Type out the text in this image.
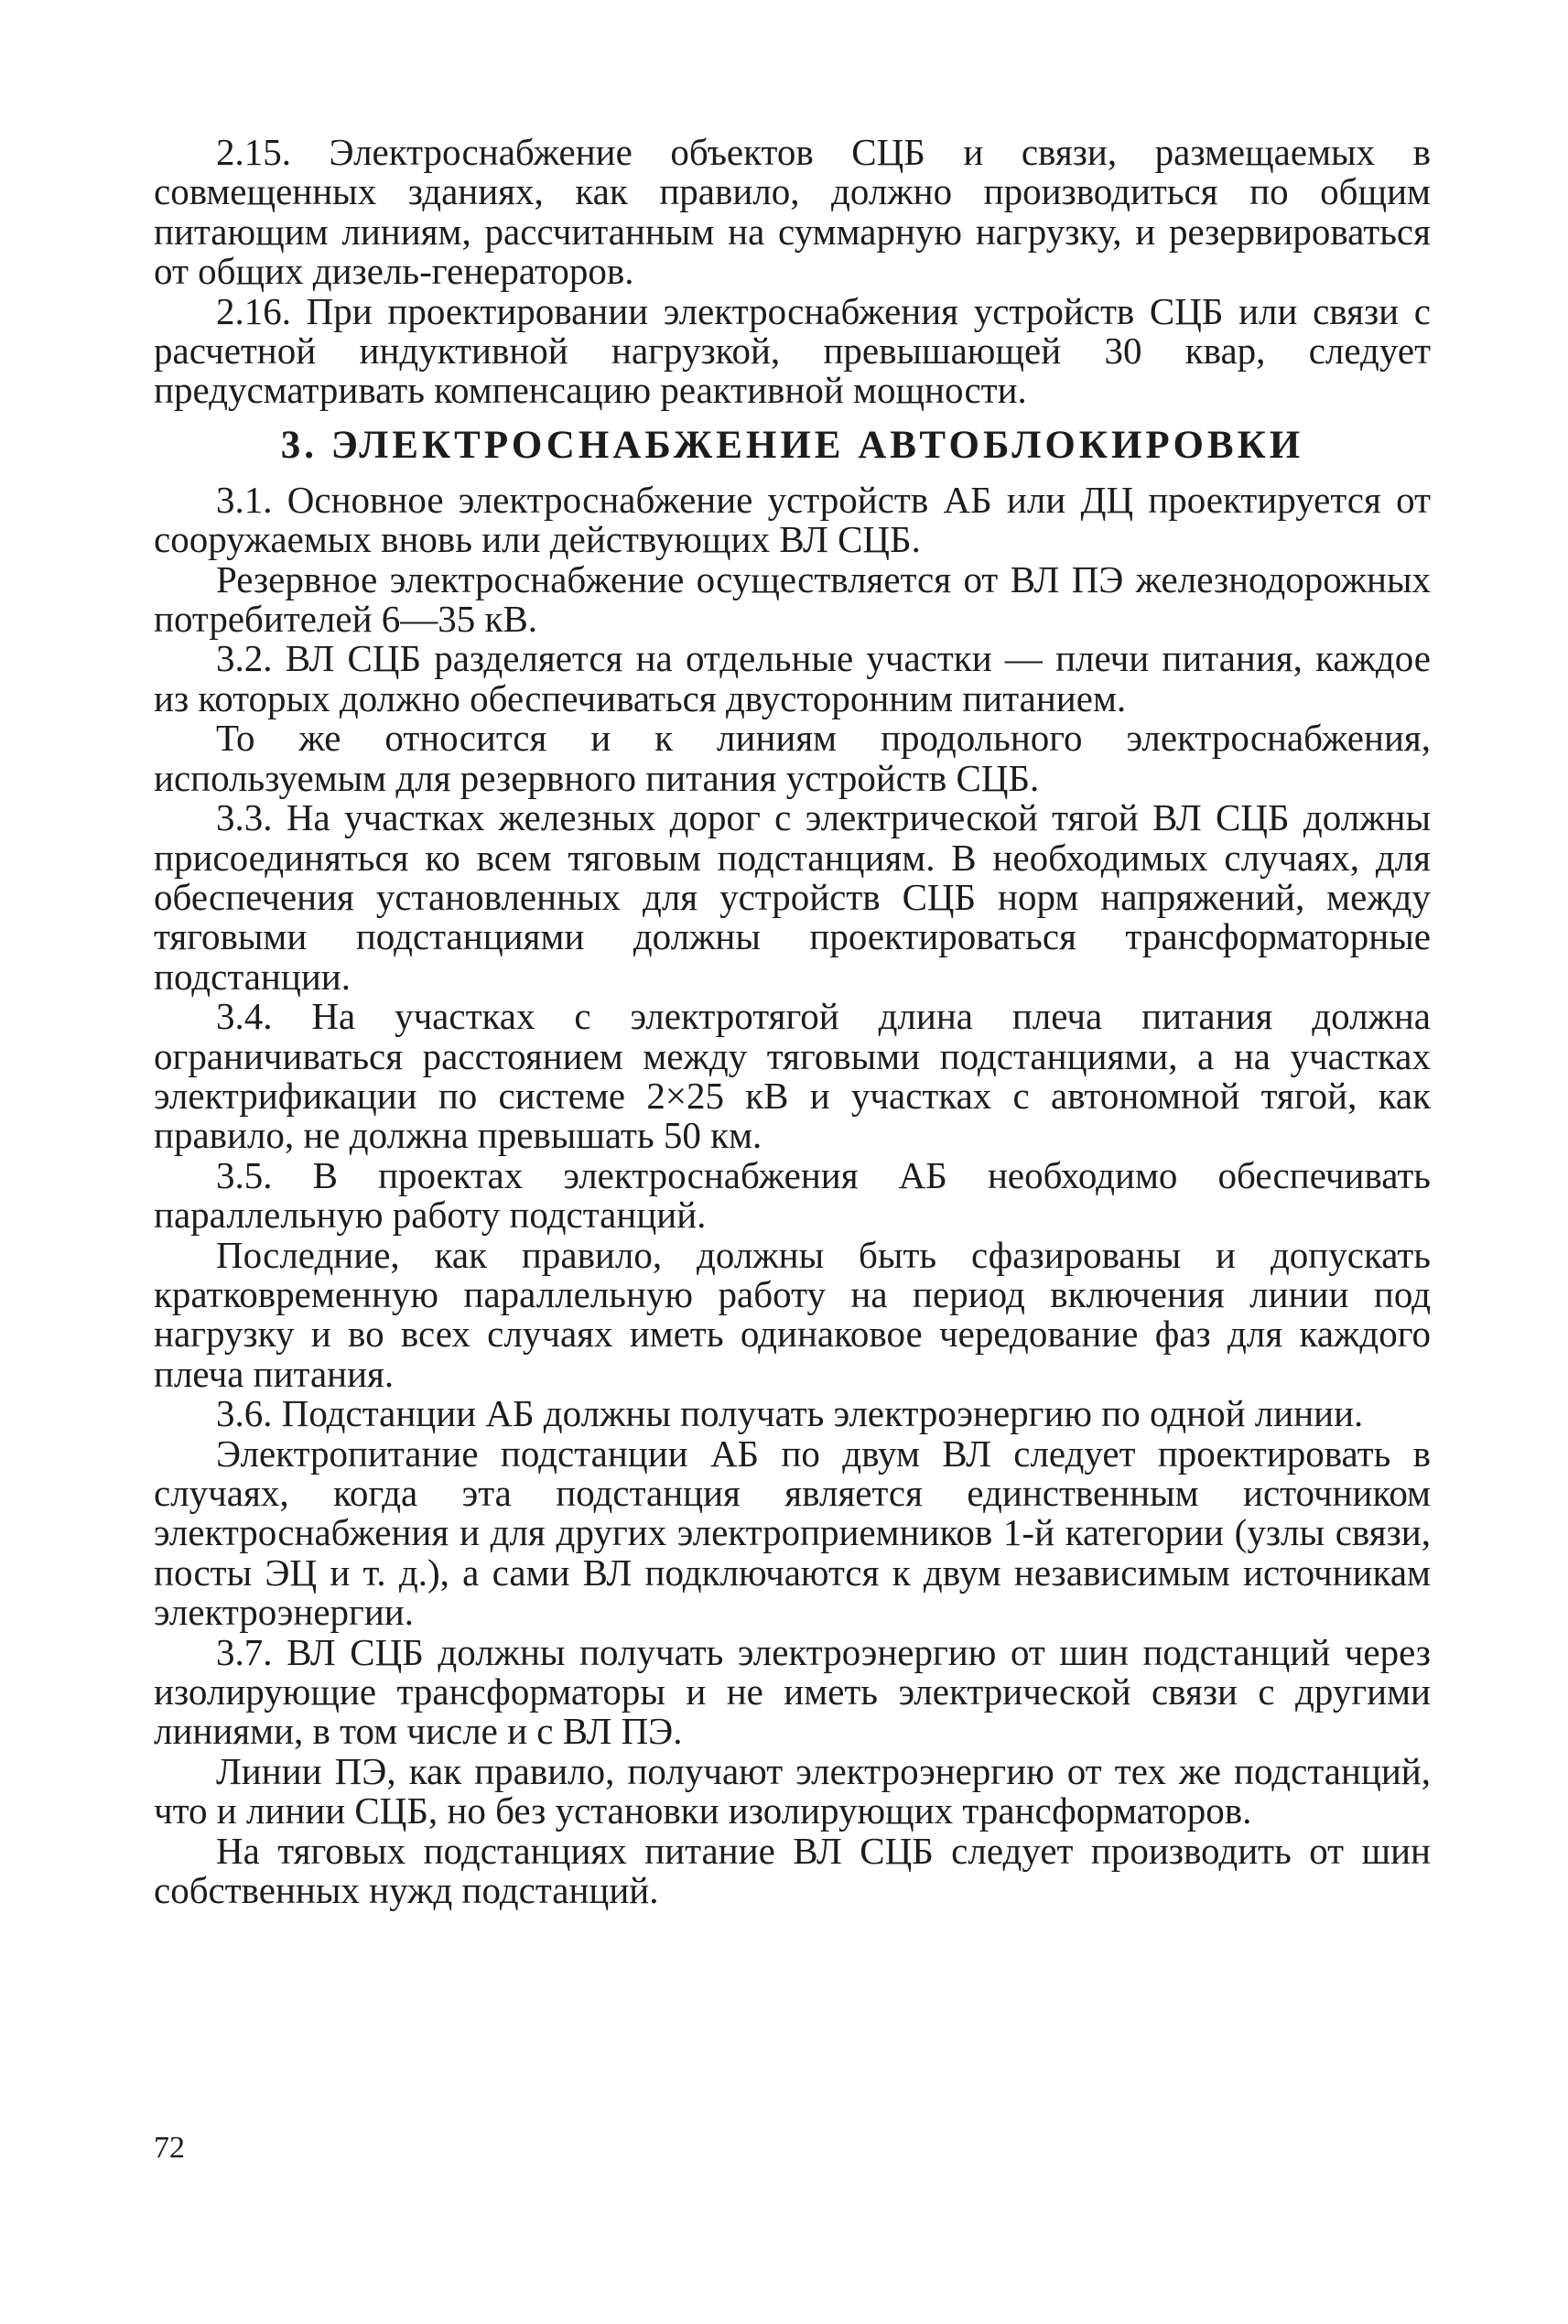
2.15. Электроснабжение объектов СЦБ и связи, размещаемых в совмещенных зданиях, как правило, должно производиться по общим питающим линиям, рассчитанным на суммарную нагрузку, и резервироваться от общих дизель-генераторов.

2.16. При проектировании электроснабжения устройств СЦБ или связи с расчетной индуктивной нагрузкой, превышающей 30 квар, следует предусматривать компенсацию реактивной мощности.

3. ЭЛЕКТРОСНАБЖЕНИЕ АВТОБЛОКИРОВКИ

3.1. Основное электроснабжение устройств АБ или ДЦ проектируется от сооружаемых вновь или действующих ВЛ СЦБ.

Резервное электроснабжение осуществляется от ВЛ ПЭ железнодорожных потребителей 6—35 кВ.

3.2. ВЛ СЦБ разделяется на отдельные участки — плечи питания, каждое из которых должно обеспечиваться двусторонним питанием.

То же относится и к линиям продольного электроснабжения, используемым для резервного питания устройств СЦБ.

3.3. На участках железных дорог с электрической тягой ВЛ СЦБ должны присоединяться ко всем тяговым подстанциям. В необходимых случаях, для обеспечения установленных для устройств СЦБ норм напряжений, между тяговыми подстанциями должны проектироваться трансформаторные подстанции.

3.4. На участках с электротягой длина плеча питания должна ограничиваться расстоянием между тяговыми подстанциями, а на участках электрификации по системе 2×25 кВ и участках с автономной тягой, как правило, не должна превышать 50 км.

3.5. В проектах электроснабжения АБ необходимо обеспечивать параллельную работу подстанций.

Последние, как правило, должны быть сфазированы и допускать кратковременную параллельную работу на период включения линии под нагрузку и во всех случаях иметь одинаковое чередование фаз для каждого плеча питания.

3.6. Подстанции АБ должны получать электроэнергию по одной линии.

Электропитание подстанции АБ по двум ВЛ следует проектировать в случаях, когда эта подстанция является единственным источником электроснабжения и для других электроприемников 1-й категории (узлы связи, посты ЭЦ и т. д.), а сами ВЛ подключаются к двум независимым источникам электроэнергии.

3.7. ВЛ СЦБ должны получать электроэнергию от шин подстанций через изолирующие трансформаторы и не иметь электрической связи с другими линиями, в том числе и с ВЛ ПЭ.

Линии ПЭ, как правило, получают электроэнергию от тех же подстанций, что и линии СЦБ, но без установки изолирующих трансформаторов.

На тяговых подстанциях питание ВЛ СЦБ следует производить от шин собственных нужд подстанций.

72
